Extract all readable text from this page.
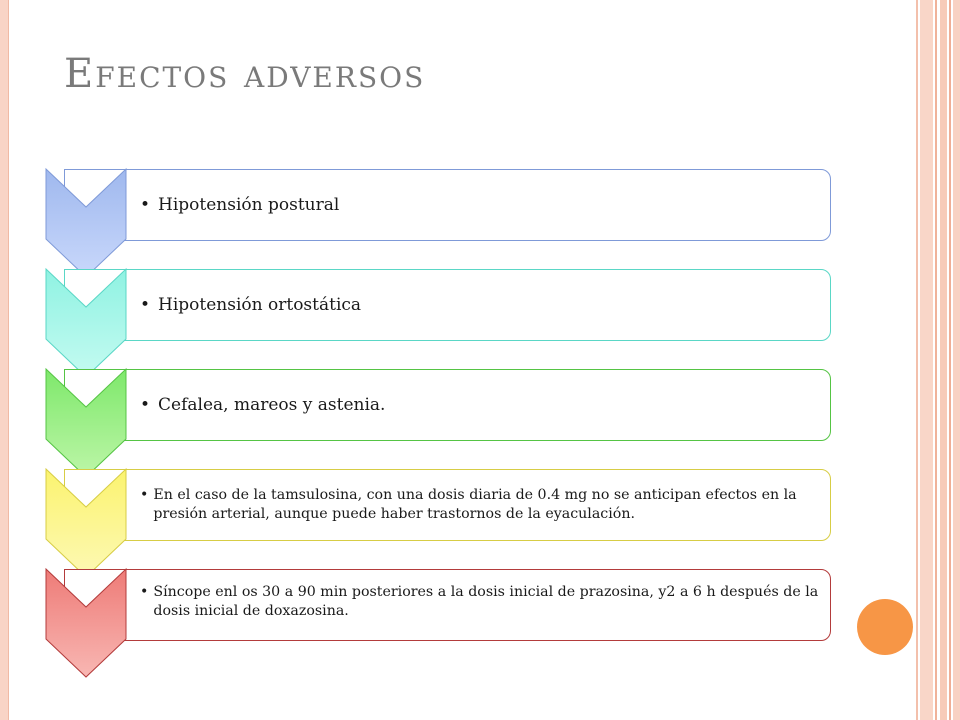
Efectos adversos
• Hipotensión postural
• Hipotensión ortostática
• Cefalea, mareos y astenia.
• En el caso de la tamsulosina, con una dosis diaria de 0.4 mg no se anticipan efectos en la presión arterial, aunque puede haber trastornos de la eyaculación.
• Síncope enl os 30 a 90 min posteriores a la dosis inicial de prazosina, y2 a 6 h después de la dosis inicial de doxazosina.
